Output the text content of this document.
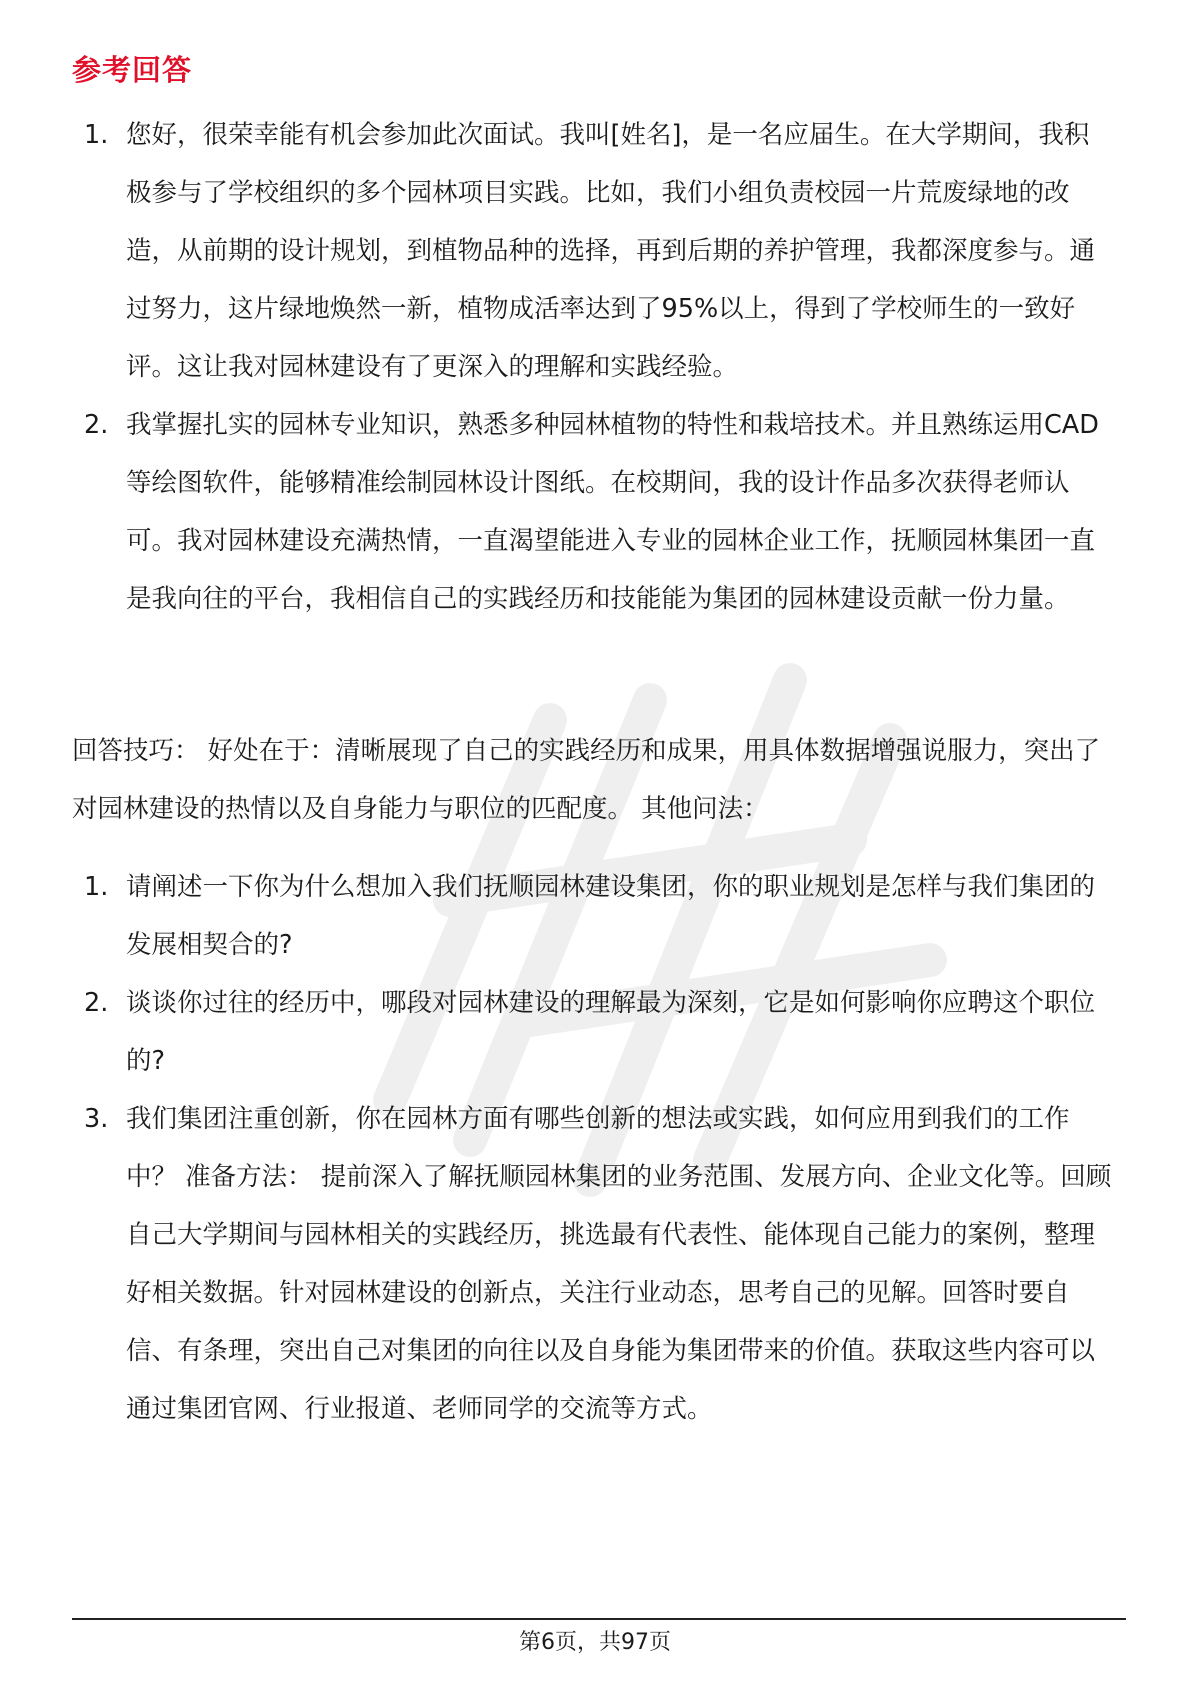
参考回答
1. 您好，很荣幸能有机会参加此次面试。我叫[姓名]，是一名应届生。在大学期间，我积极参与了学校组织的多个园林项目实践。比如，我们小组负责校园一片荒废绿地的改造，从前期的设计规划，到植物品种的选择，再到后期的养护管理，我都深度参与。通过努力，这片绿地焕然一新，植物成活率达到了95%以上，得到了学校师生的一致好评。这让我对园林建设有了更深入的理解和实践经验。
2. 我掌握扎实的园林专业知识，熟悉多种园林植物的特性和栽培技术。并且熟练运用CAD等绘图软件，能够精准绘制园林设计图纸。在校期间，我的设计作品多次获得老师认可。我对园林建设充满热情，一直渴望能进入专业的园林企业工作，抚顺园林集团一直是我向往的平台，我相信自己的实践经历和技能能为集团的园林建设贡献一份力量。

回答技巧： 好处在于：清晰展现了自己的实践经历和成果，用具体数据增强说服力，突出了对园林建设的热情以及自身能力与职位的匹配度。 其他问法：

1. 请阐述一下你为什么想加入我们抚顺园林建设集团，你的职业规划是怎样与我们集团的发展相契合的?
2. 谈谈你过往的经历中，哪段对园林建设的理解最为深刻，它是如何影响你应聘这个职位的?
3. 我们集团注重创新，你在园林方面有哪些创新的想法或实践，如何应用到我们的工作中？ 准备方法： 提前深入了解抚顺园林集团的业务范围、发展方向、企业文化等。回顾自己大学期间与园林相关的实践经历，挑选最有代表性、能体现自己能力的案例，整理好相关数据。针对园林建设的创新点，关注行业动态，思考自己的见解。回答时要自信、有条理，突出自己对集团的向往以及自身能为集团带来的价值。获取这些内容可以通过集团官网、行业报道、老师同学的交流等方式。
第6页，共97页
